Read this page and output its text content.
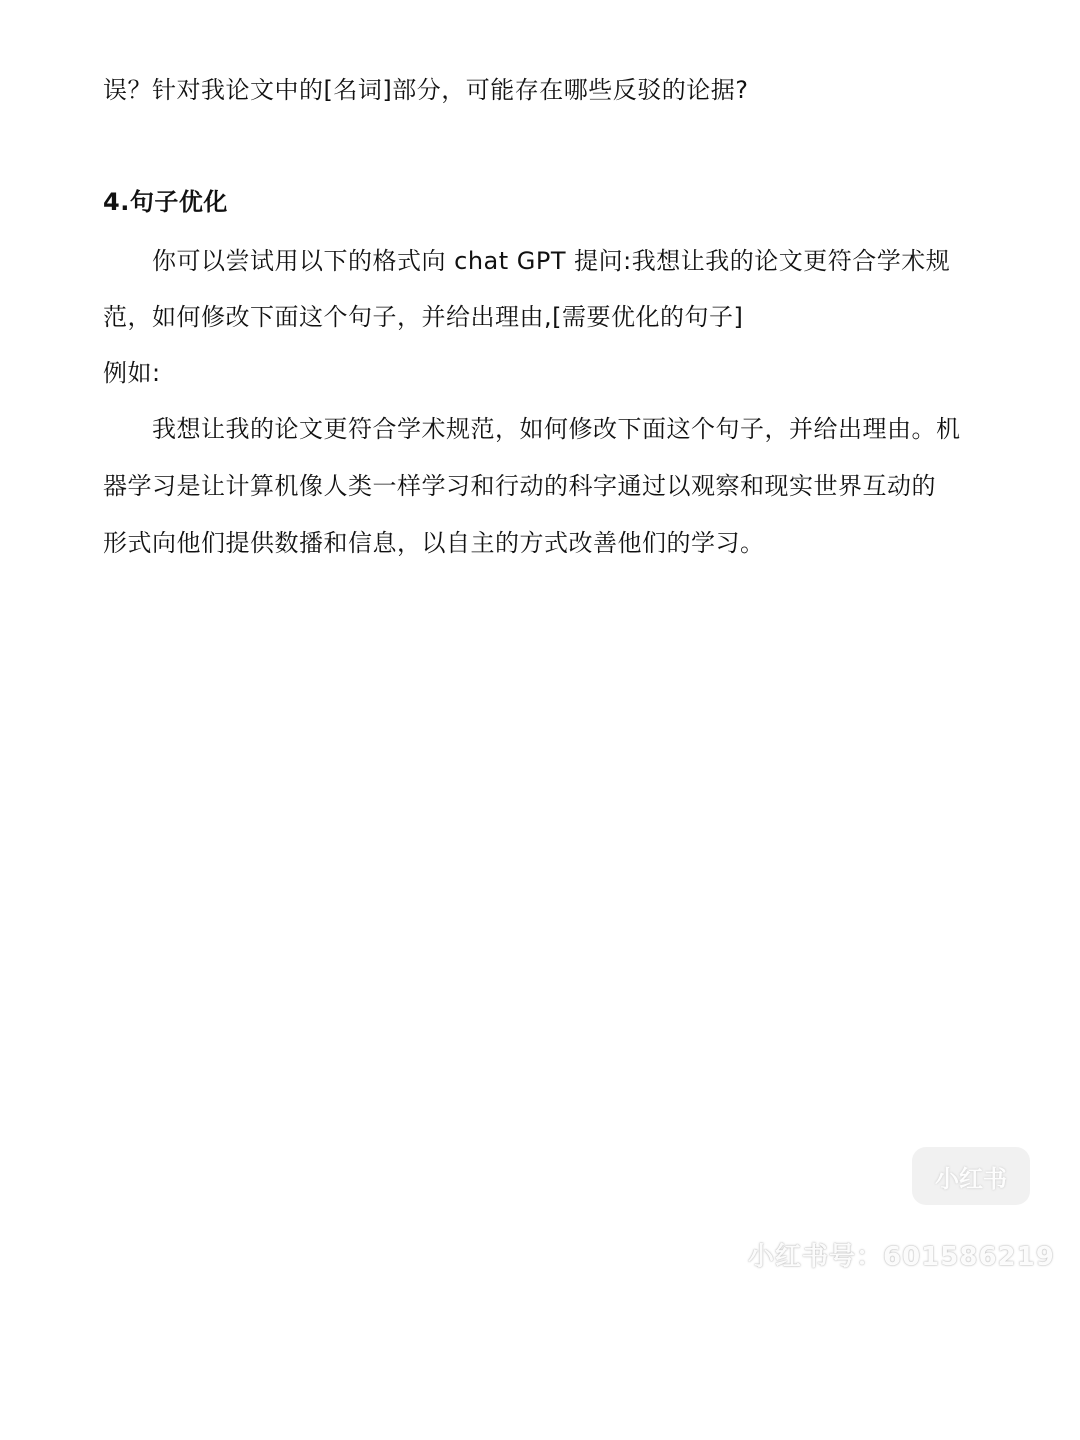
误？针对我论文中的[名词]部分，可能存在哪些反驳的论据?
4.句子优化
你可以尝试用以下的格式向 chat GPT 提问:我想让我的论文更符合学术规
范，如何修改下面这个句子，并给出理由,[需要优化的句子]
例如:
我想让我的论文更符合学术规范，如何修改下面这个句子，并给出理由。机
器学习是让计算机像人类一样学习和行动的科字通过以观察和现实世界互动的
形式向他们提供数播和信息，以自主的方式改善他们的学习。
小红书
小红书号：601586219
